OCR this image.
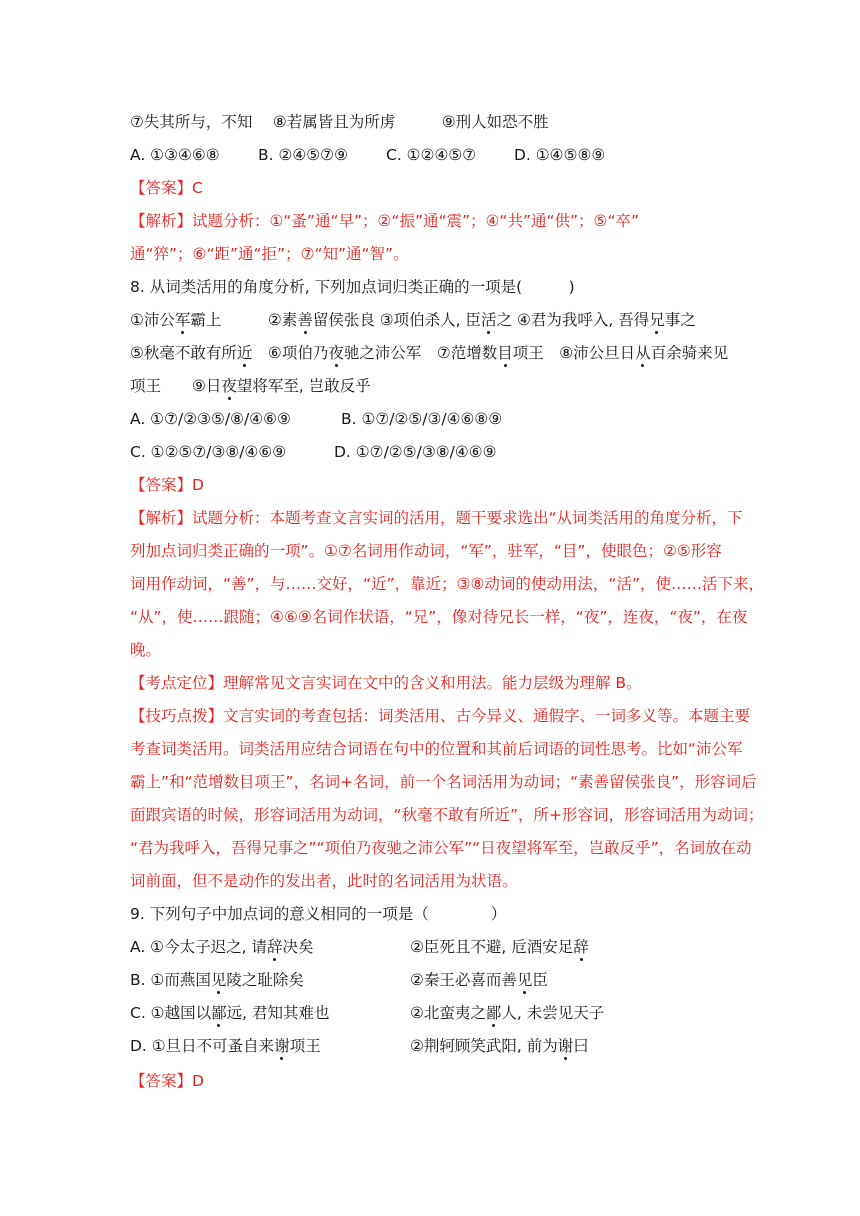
⑦失其所与，不知　 ⑧若属皆且为所虏　　　⑨刑人如恐不胜
A. ①③④⑥⑧ B. ②④⑤⑦⑨ C. ①②④⑤⑦ D. ①④⑤⑧⑨
【答案】C
【解析】试题分析：①“蚤”通“早”；②“振”通“震”；④“共”通“供”；⑤“卒”
通“猝”；⑥“距”通“拒”；⑦“知”通“智”。
8. 从词类活用的角度分析, 下列加点词归类正确的一项是(　　　)
①沛公军霸上　　　②素善留侯张良 ③项伯杀人, 臣活之 ④君为我呼入, 吾得兄事之
⑤秋毫不敢有所近　⑥项伯乃夜驰之沛公军　⑦范增数目项王　⑧沛公旦日从百余骑来见
项王　　⑨日夜望将军至, 岂敢反乎
A. ①⑦/②③⑤/⑧/④⑥⑨	B. ①⑦/②⑤/③/④⑥⑧⑨
C. ①②⑤⑦/③⑧/④⑥⑨	D. ①⑦/②⑤/③⑧/④⑥⑨
【答案】D
【解析】试题分析：本题考查文言实词的活用，题干要求选出“从词类活用的角度分析，下
列加点词归类正确的一项”。①⑦名词用作动词，“军”，驻军，“目”，使眼色；②⑤形容
词用作动词，“善”，与……交好，“近”，靠近；③⑧动词的使动用法，“活”，使……活下来，
“从”，使……跟随；④⑥⑨名词作状语，“兄”，像对待兄长一样，“夜”，连夜，“夜”，在夜
晚。
【考点定位】理解常见文言实词在文中的含义和用法。能力层级为理解 B。
【技巧点拨】文言实词的考查包括：词类活用、古今异义、通假字、一词多义等。本题主要
考查词类活用。词类活用应结合词语在句中的位置和其前后词语的词性思考。比如“沛公军
霸上”和“范增数目项王”，名词+名词，前一个名词活用为动词；“素善留侯张良”，形容词后
面跟宾语的时候，形容词活用为动词，“秋毫不敢有所近”，所+形容词，形容词活用为动词；
“君为我呼入，吾得兄事之”“项伯乃夜驰之沛公军”“日夜望将军至，岂敢反乎”，名词放在动
词前面，但不是动作的发出者，此时的名词活用为状语。
9. 下列句子中加点词的意义相同的一项是（　　　　）
A. ①今太子迟之, 请辞决矣	②臣死且不避, 卮酒安足辞
B. ①而燕国见陵之耻除矣	②秦王必喜而善见臣
C. ①越国以鄙远, 君知其难也	②北蛮夷之鄙人, 未尝见天子
D. ①旦日不可蚤自来谢项王	②荆轲顾笑武阳, 前为谢曰
【答案】D
